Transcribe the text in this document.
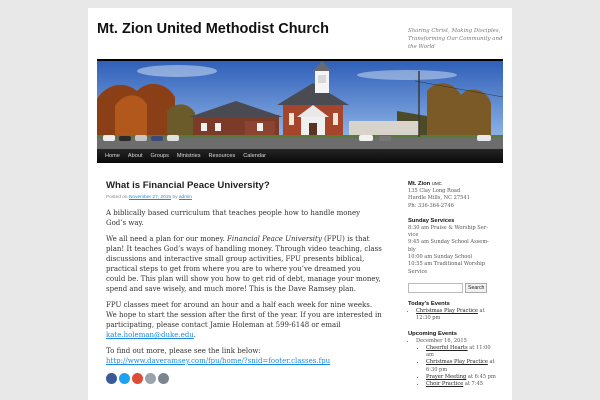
Mt. Zion United Methodist Church	Sharing Christ, Making Disciples, Transforming Our Community and the World
Home	About	Groups	Ministries	Resources	Calendar
What is Financial Peace University?
Posted on November 27, 2015 by admin

A biblically based curriculum that teaches people how to handle money God’s way.

We all need a plan for our money. Financial Peace University (FPU) is that plan! It teaches God’s ways of handling money. Through video teaching, class discussions and interactive small group activities, FPU presents biblical, practical steps to get from where you are to where you’ve dreamed you could be. This plan will show you how to get rid of debt, manage your money, spend and save wisely, and much more! This is the Dave Ramsey plan.

FPU classes meet for around an hour and a half each week for nine weeks. We hope to start the session after the first of the year. If you are interested in participating, please contact Jamie Holeman at 599-6148 or email kate.holeman@duke.edu.

To find out more, please see the link below:
http://www.daveramsey.com/fpu/home/?snid=footer.classes.fpu

Mt. Zion UMC
135 Clay Long Road
Hurdle Mills, NC 27541
Ph: 336-364-2746
Sunday Services
8:30 am Praise & Worship Ser-
vice
9:45 am Sunday School Assem-
bly
10:00 am Sunday School
10:55 am Traditional Worship
Service
Search
Today's Events
• Christmas Play Practice at
12:30 pm
Upcoming Events
• December 16, 2015
• Cheerful Hearts at 11:00
am
• Christmas Play Practice at
6:30 pm
• Prayer Meeting at 6:45 pm
• Choir Practice at 7:45
